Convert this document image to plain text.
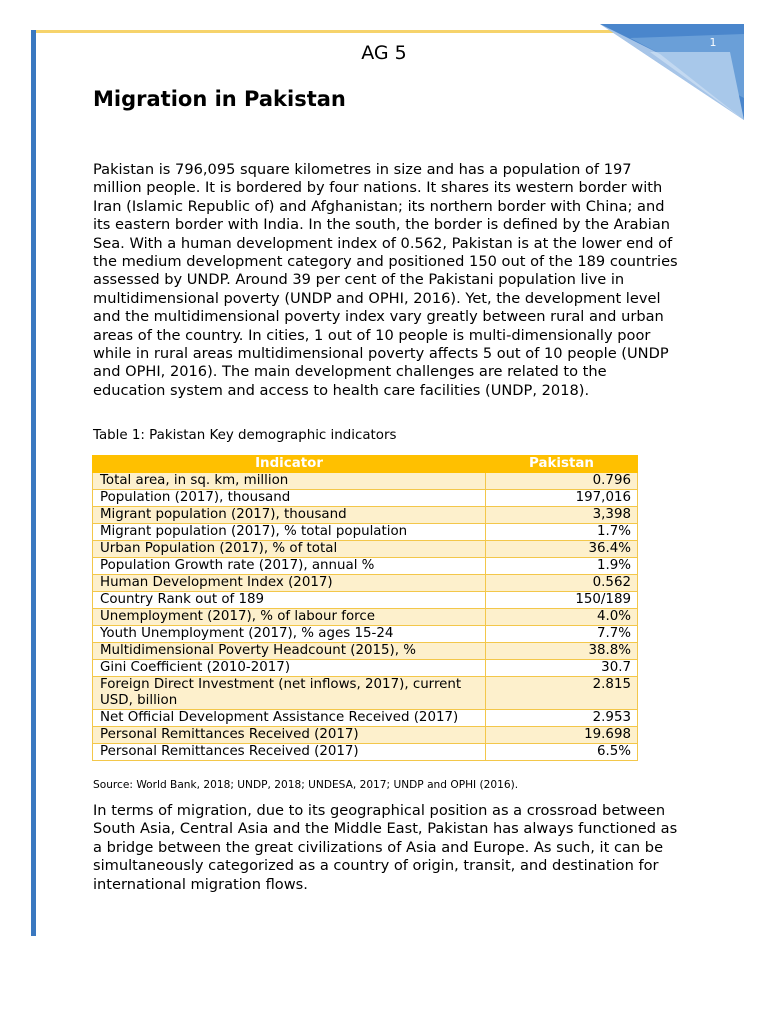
1
AG 5
Migration in Pakistan

Pakistan is 796,095 square kilometres in size and has a population of 197 million people. It is bordered by four nations. It shares its western border with Iran (Islamic Republic of) and Afghanistan; its northern border with China; and its eastern border with India. In the south, the border is defined by the Arabian Sea. With a human development index of 0.562, Pakistan is at the lower end of the medium development category and positioned 150 out of the 189 countries assessed by UNDP. Around 39 per cent of the Pakistani population live in multidimensional poverty (UNDP and OPHI, 2016). Yet, the development level and the multidimensional poverty index vary greatly between rural and urban areas of the country. In cities, 1 out of 10 people is multi-dimensionally poor while in rural areas multidimensional poverty affects 5 out of 10 people (UNDP and OPHI, 2016). The main development challenges are related to the education system and access to health care facilities (UNDP, 2018).

Table 1: Pakistan Key demographic indicators

Indicator	Pakistan
Total area, in sq. km, million	0.796
Population (2017), thousand	197,016
Migrant population (2017), thousand	3,398
Migrant population (2017), % total population	1.7%
Urban Population (2017), % of total	36.4%
Population Growth rate (2017), annual %	1.9%
Human Development Index (2017)	0.562
Country Rank out of 189	150/189
Unemployment (2017), % of labour force	4.0%
Youth Unemployment (2017), % ages 15-24	7.7%
Multidimensional Poverty Headcount (2015), %	38.8%
Gini Coefficient (2010-2017)	30.7
Foreign Direct Investment (net inflows, 2017), current USD, billion	2.815
Net Official Development Assistance Received (2017)	2.953
Personal Remittances Received (2017)	19.698
Personal Remittances Received (2017)	6.5%

Source: World Bank, 2018; UNDP, 2018; UNDESA, 2017; UNDP and OPHI (2016).

In terms of migration, due to its geographical position as a crossroad between South Asia, Central Asia and the Middle East, Pakistan has always functioned as a bridge between the great civilizations of Asia and Europe. As such, it can be simultaneously categorized as a country of origin, transit, and destination for international migration flows.
